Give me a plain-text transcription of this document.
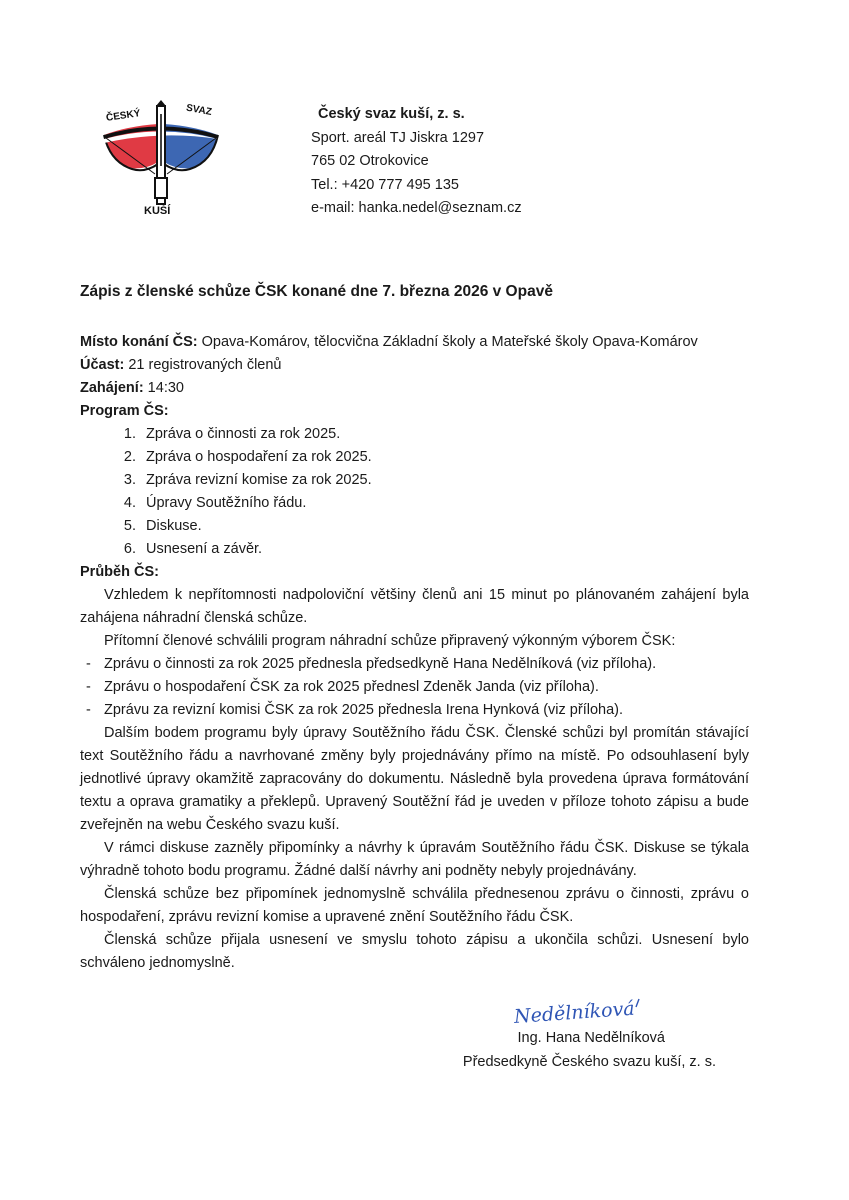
ČESKÝ	SVAZ
KUŠÍ
Český svaz kuší, z. s.
Sport. areál TJ Jiskra 1297
765 02 Otrokovice
Tel.: +420 777 495 135
e-mail: hanka.nedel@seznam.cz
Zápis z členské schůze ČSK konané dne 7. března 2026 v Opavě

Místo konání ČS: Opava-Komárov, tělocvična Základní školy a Mateřské školy Opava-Komárov

Účast: 21 registrovaných členů

Zahájení: 14:30

Program ČS:

1. Zpráva o činnosti za rok 2025.
2. Zpráva o hospodaření za rok 2025.
3. Zpráva revizní komise za rok 2025.
4. Úpravy Soutěžního řádu.
5. Diskuse.
6. Usnesení a závěr.

Průběh ČS:

Vzhledem k nepřítomnosti nadpoloviční většiny členů ani 15 minut po plánovaném zahájení byla zahájena náhradní členská schůze.

Přítomní členové schválili program náhradní schůze připravený výkonným výborem ČSK:

- Zprávu o činnosti za rok 2025 přednesla předsedkyně Hana Nedělníková (viz příloha).
- Zprávu o hospodaření ČSK za rok 2025 přednesl Zdeněk Janda (viz příloha).
- Zprávu za revizní komisi ČSK za rok 2025 přednesla Irena Hynková (viz příloha).

Dalším bodem programu byly úpravy Soutěžního řádu ČSK. Členské schůzi byl promítán stávající text Soutěžního řádu a navrhované změny byly projednávány přímo na místě. Po odsouhlasení byly jednotlivé úpravy okamžitě zapracovány do dokumentu. Následně byla provedena úprava formátování textu a oprava gramatiky a překlepů. Upravený Soutěžní řád je uveden v příloze tohoto zápisu a bude zveřejněn na webu Českého svazu kuší.

V rámci diskuse zazněly připomínky a návrhy k úpravám Soutěžního řádu ČSK. Diskuse se týkala výhradně tohoto bodu programu. Žádné další návrhy ani podněty nebyly projednávány.

Členská schůze bez připomínek jednomyslně schválila přednesenou zprávu o činnosti, zprávu o hospodaření, zprávu revizní komise a upravené znění Soutěžního řádu ČSK.

Členská schůze přijala usnesení ve smyslu tohoto zápisu a ukončila schůzi. Usnesení bylo schváleno jednomyslně.

Nedělníková
Ing. Hana Nedělníková
Předsedkyně Českého svazu kuší, z. s.
